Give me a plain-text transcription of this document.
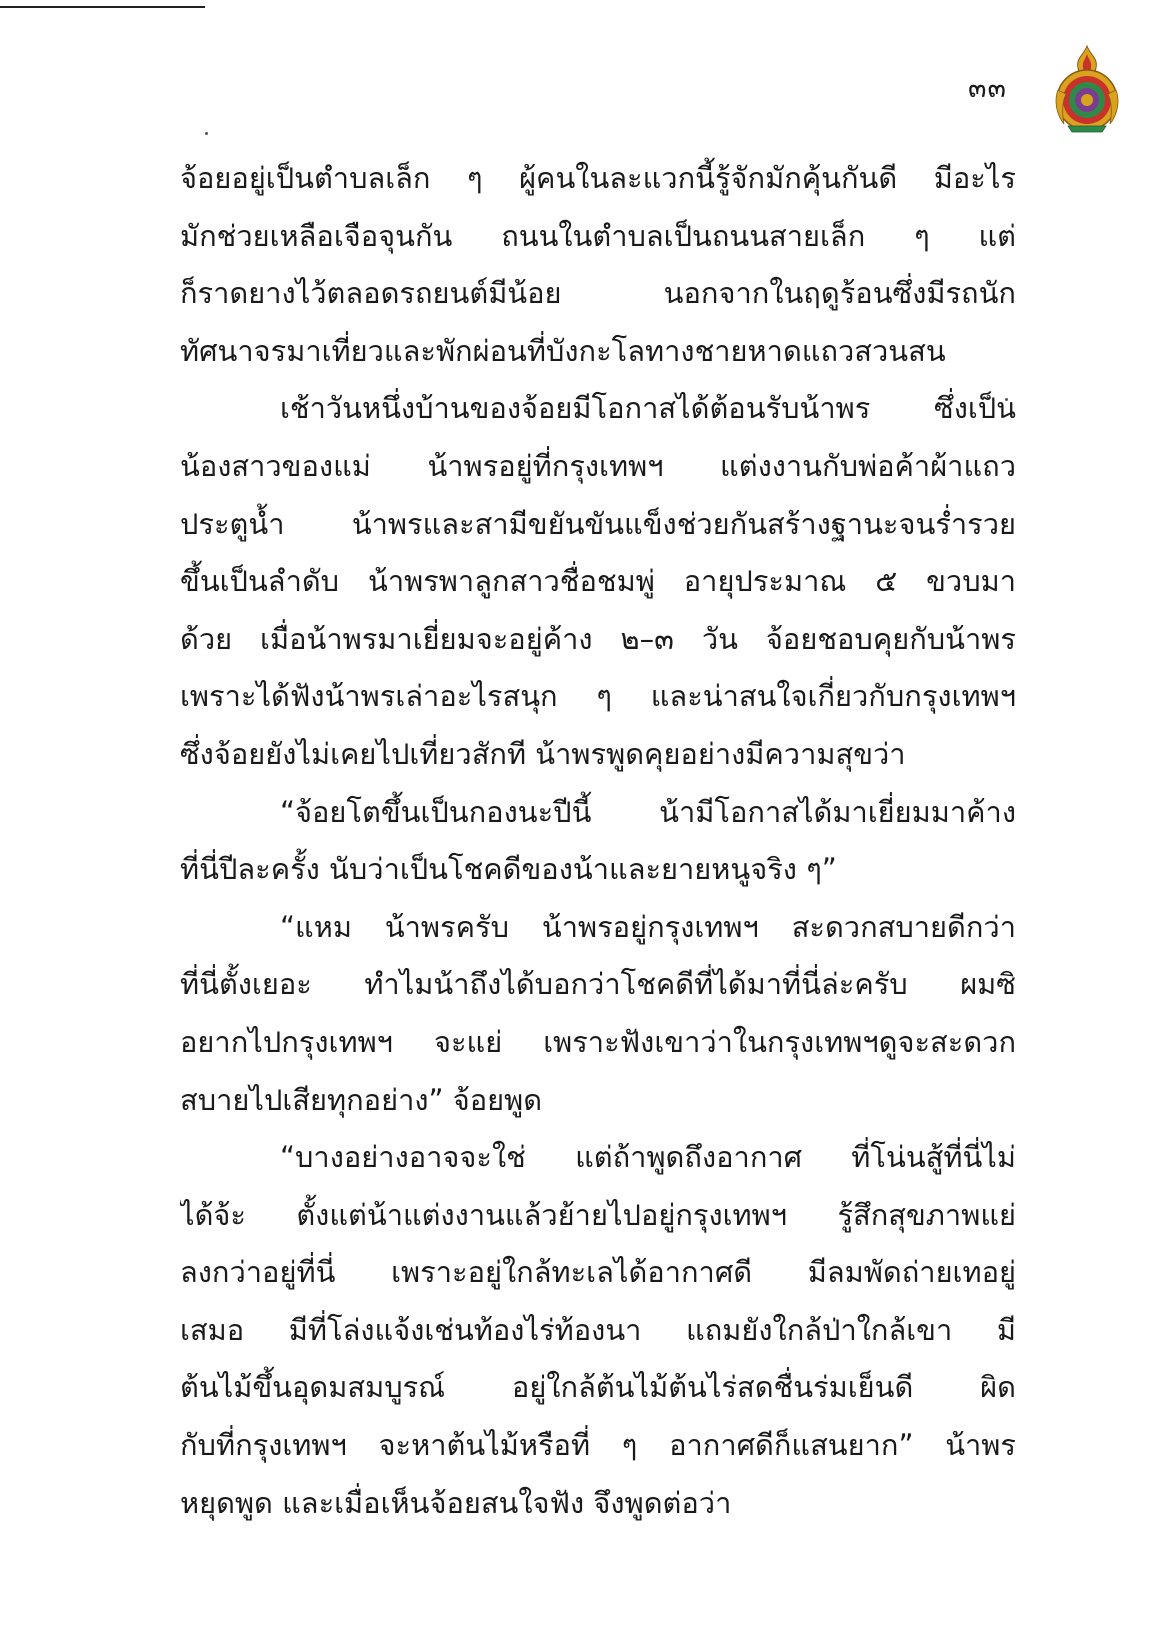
๓๓
จ้อยอยู่เป็นตำบลเล็ก ๆ ผู้คนในละแวกนี้รู้จักมักคุ้นกันดี มีอะไร
มักช่วยเหลือเจือจุนกัน ถนนในตำบลเป็นถนนสายเล็ก ๆ แต่
ก็ราดยางไว้ตลอดรถยนต์มีน้อย นอกจากในฤดูร้อนซึ่งมีรถนัก
ทัศนาจรมาเที่ยวและพักผ่อนที่บังกะโลทางชายหาดแถวสวนสน
เช้าวันหนึ่งบ้านของจ้อยมีโอกาสได้ต้อนรับน้าพร ซึ่งเป็น
น้องสาวของแม่ น้าพรอยู่ที่กรุงเทพฯ แต่งงานกับพ่อค้าผ้าแถว
ประตูน้ำ น้าพรและสามีขยันขันแข็งช่วยกันสร้างฐานะจนร่ำรวย
ขึ้นเป็นลำดับ น้าพรพาลูกสาวชื่อชมพู่ อายุประมาณ ๕ ขวบมา
ด้วย เมื่อน้าพรมาเยี่ยมจะอยู่ค้าง ๒–๓ วัน จ้อยชอบคุยกับน้าพร
เพราะได้ฟังน้าพรเล่าอะไรสนุก ๆ และน่าสนใจเกี่ยวกับกรุงเทพฯ
ซึ่งจ้อยยังไม่เคยไปเที่ยวสักที น้าพรพูดคุยอย่างมีความสุขว่า
“จ้อยโตขึ้นเป็นกองนะปีนี้ น้ามีโอกาสได้มาเยี่ยมมาค้าง
ที่นี่ปีละครั้ง นับว่าเป็นโชคดีของน้าและยายหนูจริง ๆ”
“แหม น้าพรครับ น้าพรอยู่กรุงเทพฯ สะดวกสบายดีกว่า
ที่นี่ตั้งเยอะ ทำไมน้าถึงได้บอกว่าโชคดีที่ได้มาที่นี่ล่ะครับ ผมซิ
อยากไปกรุงเทพฯ จะแย่ เพราะฟังเขาว่าในกรุงเทพฯดูจะสะดวก
สบายไปเสียทุกอย่าง” จ้อยพูด
“บางอย่างอาจจะใช่ แต่ถ้าพูดถึงอากาศ ที่โน่นสู้ที่นี่ไม่
ได้จ้ะ ตั้งแต่น้าแต่งงานแล้วย้ายไปอยู่กรุงเทพฯ รู้สึกสุขภาพแย่
ลงกว่าอยู่ที่นี่ เพราะอยู่ใกล้ทะเลได้อากาศดี มีลมพัดถ่ายเทอยู่
เสมอ มีที่โล่งแจ้งเช่นท้องไร่ท้องนา แถมยังใกล้ป่าใกล้เขา มี
ต้นไม้ขึ้นอุดมสมบูรณ์ อยู่ใกล้ต้นไม้ต้นไร่สดชื่นร่มเย็นดี ผิด
กับที่กรุงเทพฯ จะหาต้นไม้หรือที่ ๆ อากาศดีก็แสนยาก” น้าพร
หยุดพูด และเมื่อเห็นจ้อยสนใจฟัง จึงพูดต่อว่า
